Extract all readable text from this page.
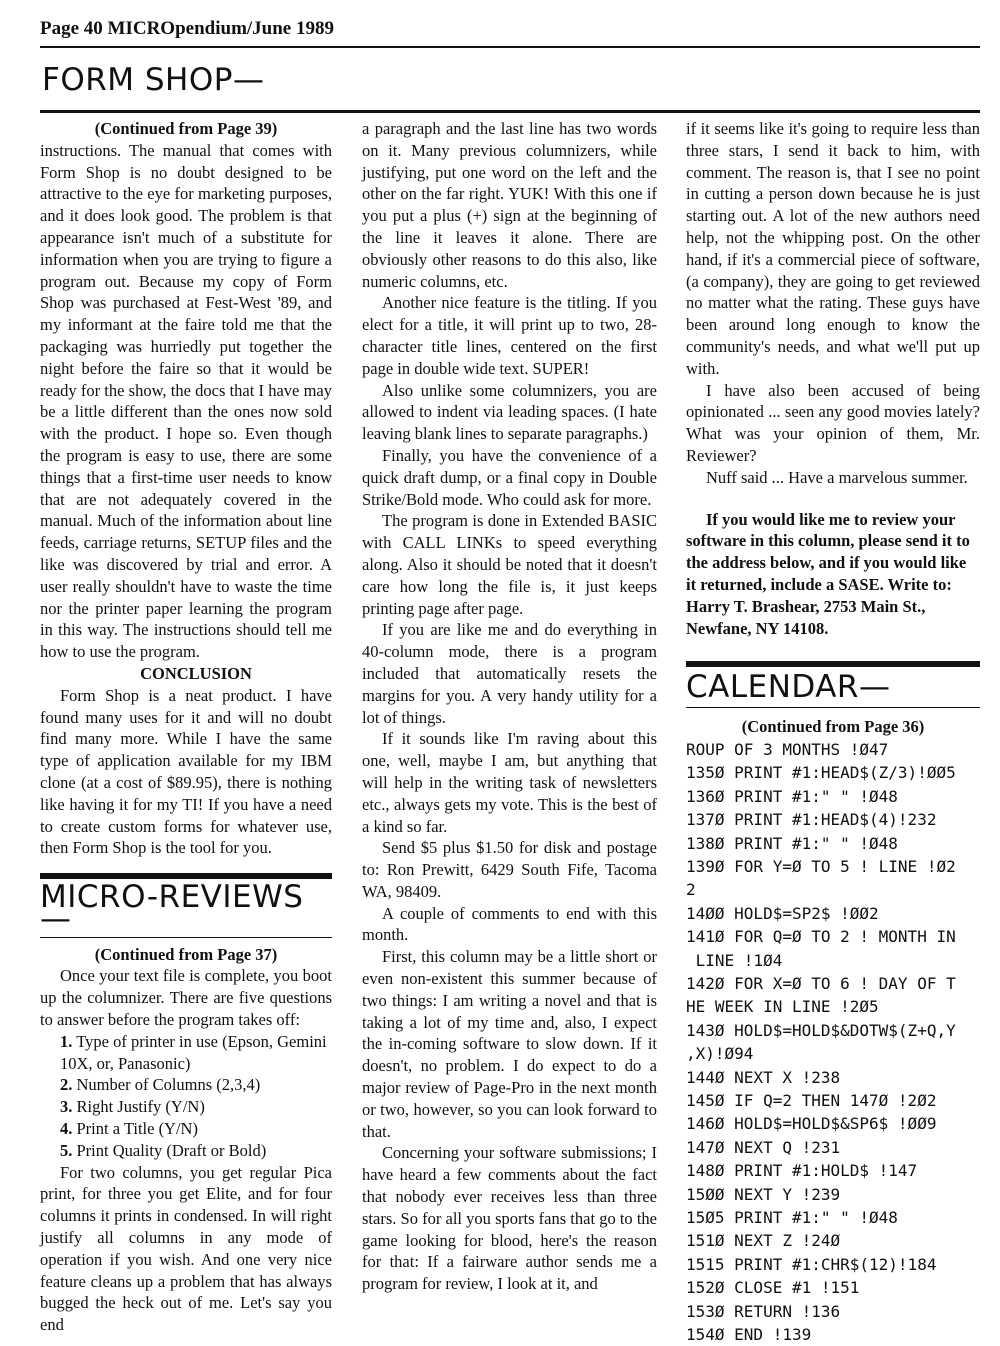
Page 40 MICROpendium/June 1989
FORM SHOP—

(Continued from Page 39)

instructions. The manual that comes with Form Shop is no doubt designed to be attractive to the eye for marketing purposes, and it does look good. The problem is that appearance isn't much of a substitute for information when you are trying to figure a program out. Because my copy of Form Shop was purchased at Fest-West '89, and my informant at the faire told me that the packaging was hurriedly put together the night before the faire so that it would be ready for the show, the docs that I have may be a little different than the ones now sold with the product. I hope so. Even though the program is easy to use, there are some things that a first-time user needs to know that are not adequately covered in the manual. Much of the information about line feeds, carriage returns, SETUP files and the like was discovered by trial and error. A user really shouldn't have to waste the time nor the printer paper learning the program in this way. The instructions should tell me how to use the program.

CONCLUSION

Form Shop is a neat product. I have found many uses for it and will no doubt find many more. While I have the same type of application available for my IBM clone (at a cost of $89.95), there is nothing like having it for my TI! If you have a need to create custom forms for whatever use, then Form Shop is the tool for you.

MICRO-REVIEWS—

(Continued from Page 37)

Once your text file is complete, you boot up the columnizer. There are five questions to answer before the program takes off:

1. Type of printer in use (Epson, Gemini 10X, or, Panasonic)

2. Number of Columns (2,3,4)

3. Right Justify (Y/N)

4. Print a Title (Y/N)

5. Print Quality (Draft or Bold)

For two columns, you get regular Pica print, for three you get Elite, and for four columns it prints in condensed. In will right justify all columns in any mode of operation if you wish. And one very nice feature cleans up a problem that has always bugged the heck out of me. Let's say you end

a paragraph and the last line has two words on it. Many previous columnizers, while justifying, put one word on the left and the other on the far right. YUK! With this one if you put a plus (+) sign at the beginning of the line it leaves it alone. There are obviously other reasons to do this also, like numeric columns, etc.

Another nice feature is the titling. If you elect for a title, it will print up to two, 28-character title lines, centered on the first page in double wide text. SUPER!

Also unlike some columnizers, you are allowed to indent via leading spaces. (I hate leaving blank lines to separate paragraphs.)

Finally, you have the convenience of a quick draft dump, or a final copy in Double Strike/Bold mode. Who could ask for more.

The program is done in Extended BASIC with CALL LINKs to speed everything along. Also it should be noted that it doesn't care how long the file is, it just keeps printing page after page.

If you are like me and do everything in 40-column mode, there is a program included that automatically resets the margins for you. A very handy utility for a lot of things.

If it sounds like I'm raving about this one, well, maybe I am, but anything that will help in the writing task of newsletters etc., always gets my vote. This is the best of a kind so far.

Send $5 plus $1.50 for disk and postage to: Ron Prewitt, 6429 South Fife, Tacoma WA, 98409.

A couple of comments to end with this month.

First, this column may be a little short or even non-existent this summer because of two things: I am writing a novel and that is taking a lot of my time and, also, I expect the in-coming software to slow down. If it doesn't, no problem. I do expect to do a major review of Page-Pro in the next month or two, however, so you can look forward to that.

Concerning your software submissions; I have heard a few comments about the fact that nobody ever receives less than three stars. So for all you sports fans that go to the game looking for blood, here's the reason for that: If a fairware author sends me a program for review, I look at it, and

if it seems like it's going to require less than three stars, I send it back to him, with comment. The reason is, that I see no point in cutting a person down because he is just starting out. A lot of the new authors need help, not the whipping post. On the other hand, if it's a commercial piece of software, (a company), they are going to get reviewed no matter what the rating. These guys have been around long enough to know the community's needs, and what we'll put up with.

I have also been accused of being opinionated ... seen any good movies lately? What was your opinion of them, Mr. Reviewer?

Nuff said ... Have a marvelous summer.

If you would like me to review your software in this column, please send it to the address below, and if you would like it returned, include a SASE. Write to: Harry T. Brashear, 2753 Main St., Newfane, NY 14108.

CALENDAR—

(Continued from Page 36)

ROUP OF 3 MONTHS !Ø47
135Ø PRINT #1:HEAD$(Z/3)!ØØ5
136Ø PRINT #1:" " !Ø48
137Ø PRINT #1:HEAD$(4)!232
138Ø PRINT #1:" " !Ø48
139Ø FOR Y=Ø TO 5 ! LINE !Ø2
2
14ØØ HOLD$=SP2$ !ØØ2
141Ø FOR Q=Ø TO 2 ! MONTH IN
LINE !1Ø4
142Ø FOR X=Ø TO 6 ! DAY OF T
HE WEEK IN LINE !2Ø5
143Ø HOLD$=HOLD$&DOTW$(Z+Q,Y
,X)!Ø94
144Ø NEXT X !238
145Ø IF Q=2 THEN 147Ø !2Ø2
146Ø HOLD$=HOLD$&SP6$ !ØØ9
147Ø NEXT Q !231
148Ø PRINT #1:HOLD$ !147
15ØØ NEXT Y !239
15Ø5 PRINT #1:" " !Ø48
151Ø NEXT Z !24Ø
1515 PRINT #1:CHR$(12)!184
152Ø CLOSE #1 !151
153Ø RETURN !136
154Ø END !139
